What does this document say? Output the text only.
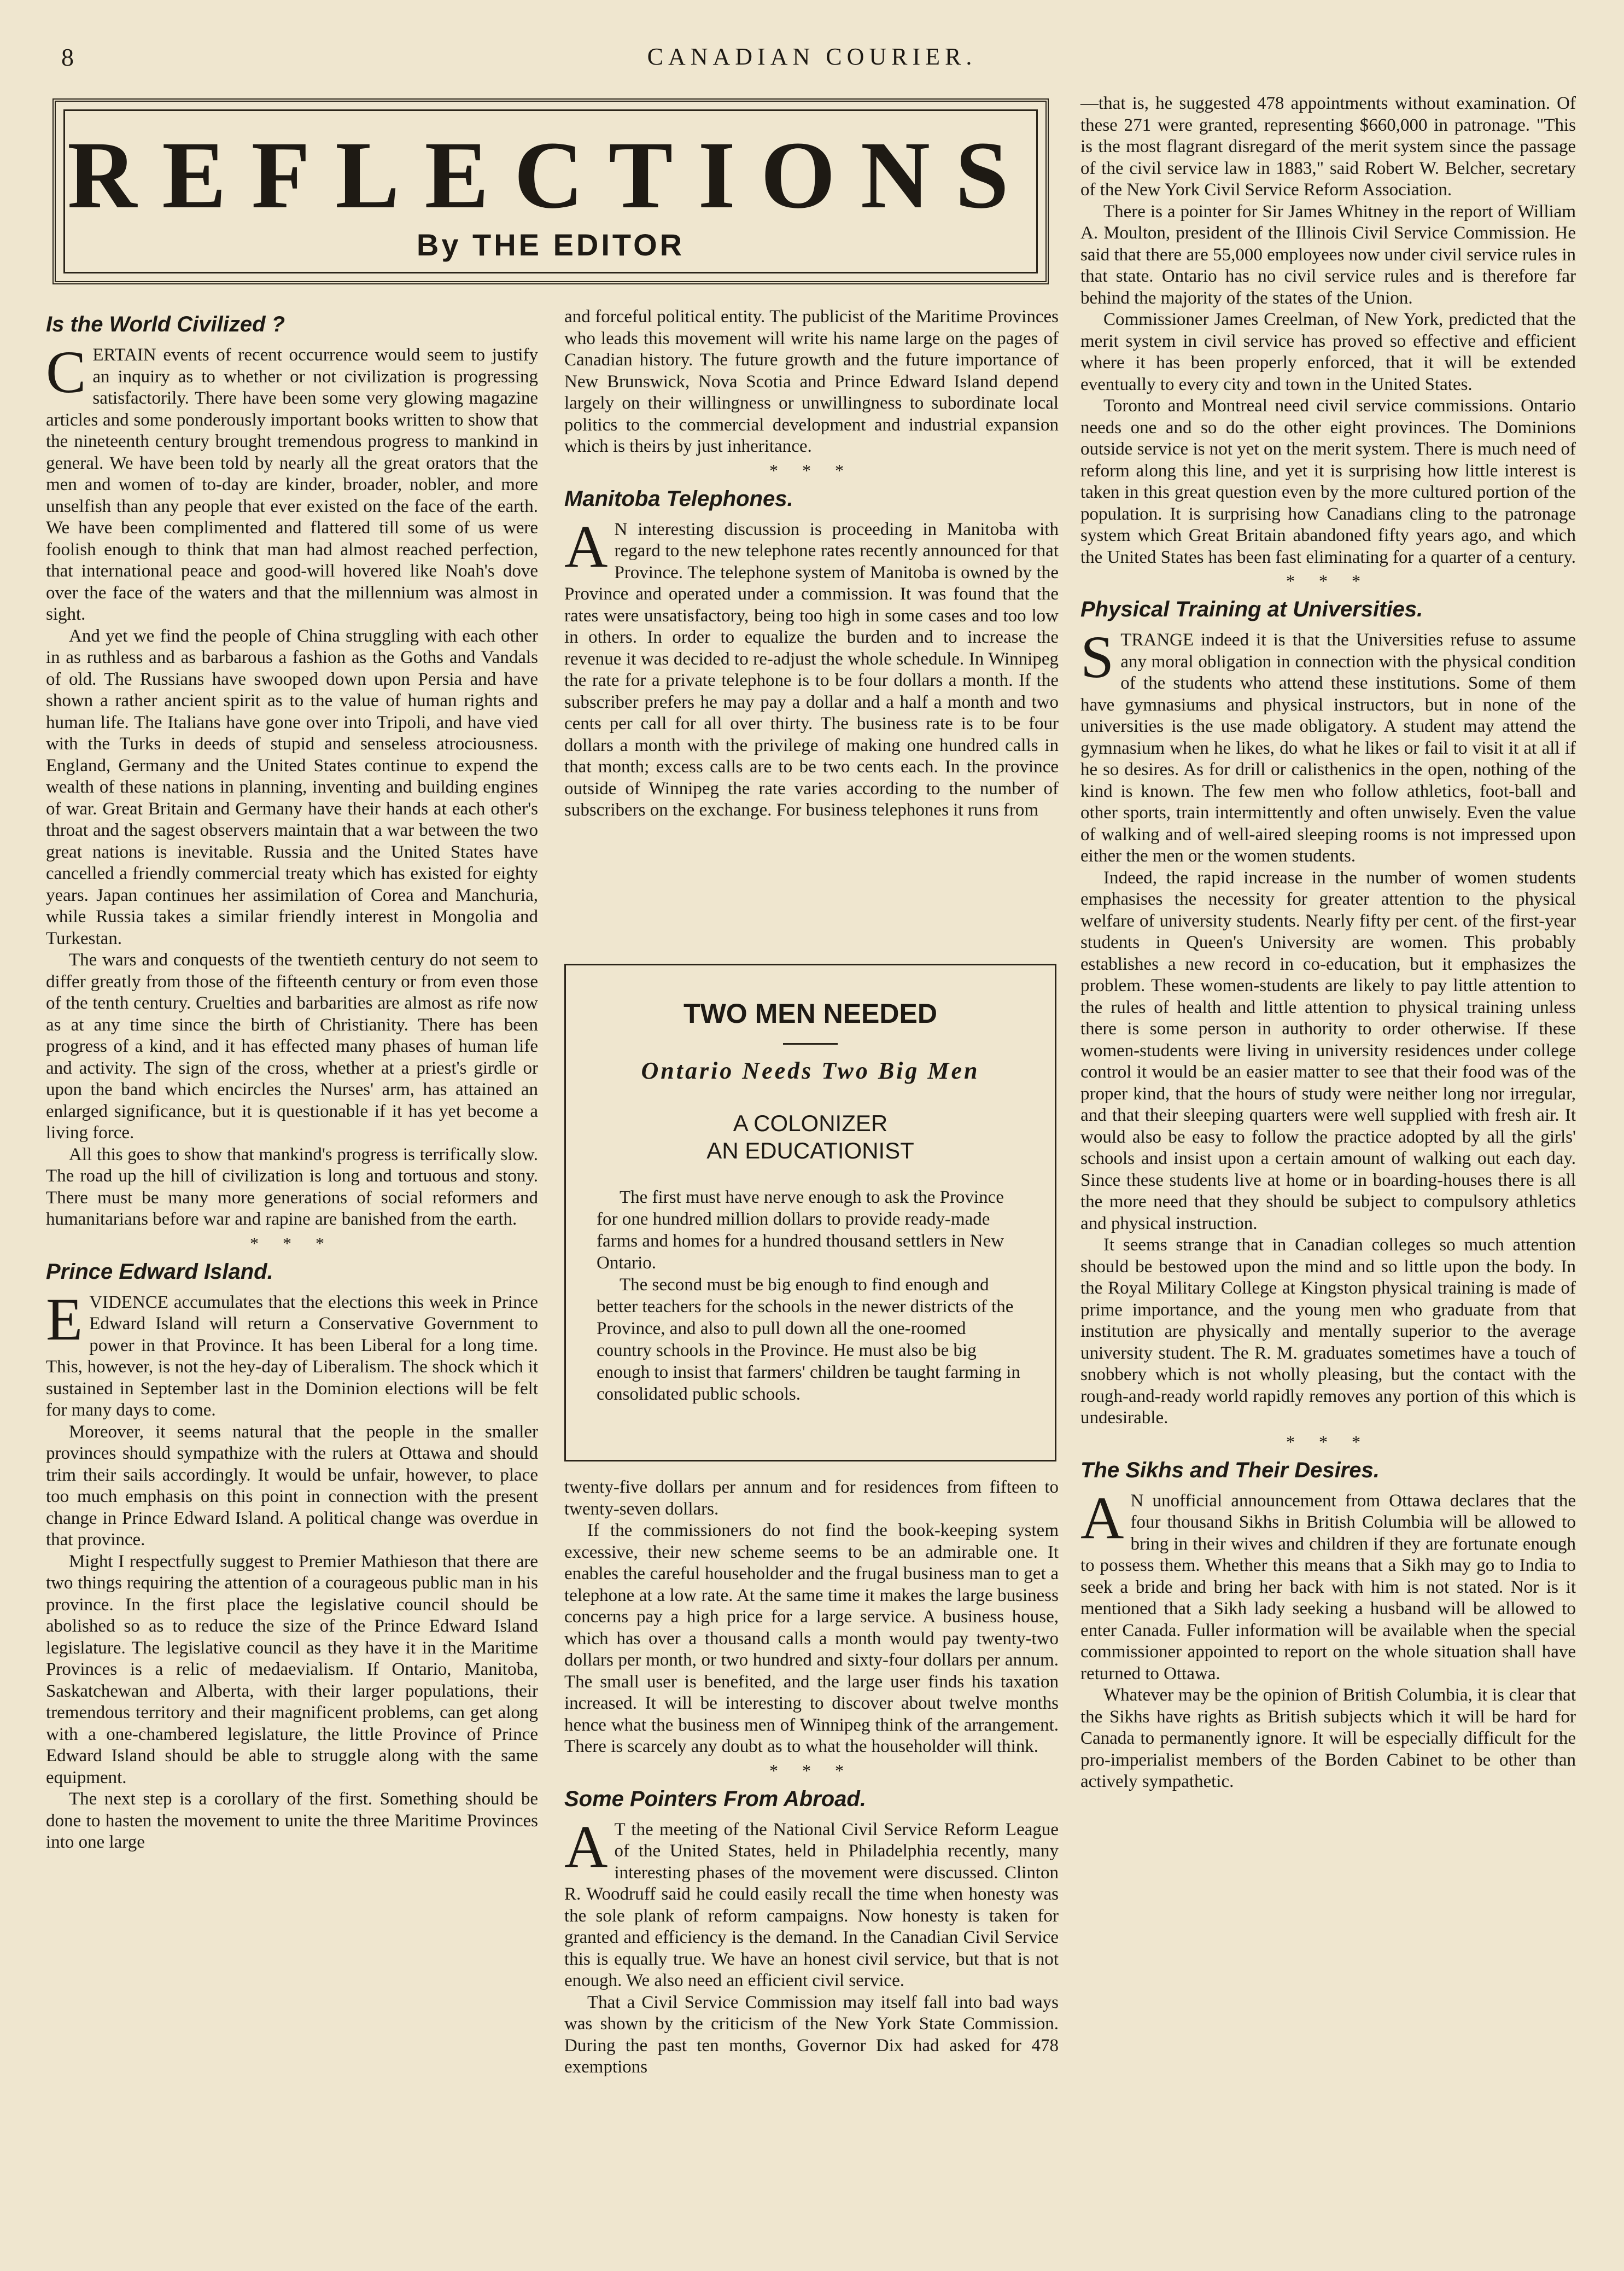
8	CANADIAN COURIER.
REFLECTIONS
By THE EDITOR
Is the World Civilized ?

CERTAIN events of recent occurrence would seem to justify an inquiry as to whether or not civilization is progressing satisfactorily. There have been some very glowing magazine articles and some ponderously important books written to show that the nineteenth century brought tremendous progress to mankind in general. We have been told by nearly all the great orators that the men and women of to-day are kinder, broader, nobler, and more unselfish than any people that ever existed on the face of the earth. We have been complimented and flattered till some of us were foolish enough to think that man had almost reached perfection, that international peace and good-will hovered like Noah's dove over the face of the waters and that the millennium was almost in sight.

And yet we find the people of China struggling with each other in as ruthless and as barbarous a fashion as the Goths and Vandals of old. The Russians have swooped down upon Persia and have shown a rather ancient spirit as to the value of human rights and human life. The Italians have gone over into Tripoli, and have vied with the Turks in deeds of stupid and senseless atrociousness. England, Germany and the United States continue to expend the wealth of these nations in planning, inventing and building engines of war. Great Britain and Germany have their hands at each other's throat and the sagest observers maintain that a war between the two great nations is inevitable. Russia and the United States have cancelled a friendly commercial treaty which has existed for eighty years. Japan continues her assimilation of Corea and Manchuria, while Russia takes a similar friendly interest in Mongolia and Turkestan.

The wars and conquests of the twentieth century do not seem to differ greatly from those of the fifteenth century or from even those of the tenth century. Cruelties and barbarities are almost as rife now as at any time since the birth of Christianity. There has been progress of a kind, and it has effected many phases of human life and activity. The sign of the cross, whether at a priest's girdle or upon the band which encircles the Nurses' arm, has attained an enlarged significance, but it is questionable if it has yet become a living force.

All this goes to show that mankind's progress is terrifically slow. The road up the hill of civilization is long and tortuous and stony. There must be many more generations of social reformers and humanitarians before war and rapine are banished from the earth.

* * *
Prince Edward Island.

EVIDENCE accumulates that the elections this week in Prince Edward Island will return a Conservative Government to power in that Province. It has been Liberal for a long time. This, however, is not the hey-day of Liberalism. The shock which it sustained in September last in the Dominion elections will be felt for many days to come.

Moreover, it seems natural that the people in the smaller provinces should sympathize with the rulers at Ottawa and should trim their sails accordingly. It would be unfair, however, to place too much emphasis on this point in connection with the present change in Prince Edward Island. A political change was overdue in that province.

Might I respectfully suggest to Premier Mathieson that there are two things requiring the attention of a courageous public man in his province. In the first place the legislative council should be abolished so as to reduce the size of the Prince Edward Island legislature. The legislative council as they have it in the Maritime Provinces is a relic of medaevialism. If Ontario, Manitoba, Saskatchewan and Alberta, with their larger populations, their tremendous territory and their magnificent problems, can get along with a one-chambered legislature, the little Province of Prince Edward Island should be able to struggle along with the same equipment.

The next step is a corollary of the first. Something should be done to hasten the movement to unite the three Maritime Provinces into one large

and forceful political entity. The publicist of the Maritime Provinces who leads this movement will write his name large on the pages of Canadian history. The future growth and the future importance of New Brunswick, Nova Scotia and Prince Edward Island depend largely on their willingness or unwillingness to subordinate local politics to the commercial development and industrial expansion which is theirs by just inheritance.

* * *
Manitoba Telephones.

A N interesting discussion is proceeding in Manitoba with regard to the new telephone rates recently announced for that Province. The telephone system of Manitoba is owned by the Province and operated under a commission. It was found that the rates were unsatisfactory, being too high in some cases and too low in others. In order to equalize the burden and to increase the revenue it was decided to re-adjust the whole schedule. In Winnipeg the rate for a private telephone is to be four dollars a month. If the subscriber prefers he may pay a dollar and a half a month and two cents per call for all over thirty. The business rate is to be four dollars a month with the privilege of making one hundred calls in that month; excess calls are to be two cents each. In the province outside of Winnipeg the rate varies according to the number of subscribers on the exchange. For business telephones it runs from

TWO MEN NEEDED
Ontario Needs Two Big Men
A COLONIZER
AN EDUCATIONIST

The first must have nerve enough to ask the Province for one hundred million dollars to provide ready-made farms and homes for a hundred thousand settlers in New Ontario.

The second must be big enough to find enough and better teachers for the schools in the newer districts of the Province, and also to pull down all the one-roomed country schools in the Province. He must also be big enough to insist that farmers' children be taught farming in consolidated public schools.

twenty-five dollars per annum and for residences from fifteen to twenty-seven dollars.

If the commissioners do not find the book-keeping system excessive, their new scheme seems to be an admirable one. It enables the careful householder and the frugal business man to get a telephone at a low rate. At the same time it makes the large business concerns pay a high price for a large service. A business house, which has over a thousand calls a month would pay twenty-two dollars per month, or two hundred and sixty-four dollars per annum. The small user is benefited, and the large user finds his taxation increased. It will be interesting to discover about twelve months hence what the business men of Winnipeg think of the arrangement. There is scarcely any doubt as to what the householder will think.

* * *
Some Pointers From Abroad.

A T the meeting of the National Civil Service Reform League of the United States, held in Philadelphia recently, many interesting phases of the movement were discussed. Clinton R. Woodruff said he could easily recall the time when honesty was the sole plank of reform campaigns. Now honesty is taken for granted and efficiency is the demand. In the Canadian Civil Service this is equally true. We have an honest civil service, but that is not enough. We also need an efficient civil service.

That a Civil Service Commission may itself fall into bad ways was shown by the criticism of the New York State Commission. During the past ten months, Governor Dix had asked for 478 exemptions

—that is, he suggested 478 appointments without examination. Of these 271 were granted, representing $660,000 in patronage. "This is the most flagrant disregard of the merit system since the passage of the civil service law in 1883," said Robert W. Belcher, secretary of the New York Civil Service Reform Association.

There is a pointer for Sir James Whitney in the report of William A. Moulton, president of the Illinois Civil Service Commission. He said that there are 55,000 employees now under civil service rules in that state. Ontario has no civil service rules and is therefore far behind the majority of the states of the Union.

Commissioner James Creelman, of New York, predicted that the merit system in civil service has proved so effective and efficient where it has been properly enforced, that it will be extended eventually to every city and town in the United States.

Toronto and Montreal need civil service commissions. Ontario needs one and so do the other eight provinces. The Dominions outside service is not yet on the merit system. There is much need of reform along this line, and yet it is surprising how little interest is taken in this great question even by the more cultured portion of the population. It is surprising how Canadians cling to the patronage system which Great Britain abandoned fifty years ago, and which the United States has been fast eliminating for a quarter of a century.

* * *
Physical Training at Universities.

STRANGE indeed it is that the Universities refuse to assume any moral obligation in connection with the physical condition of the students who attend these institutions. Some of them have gymnasiums and physical instructors, but in none of the universities is the use made obligatory. A student may attend the gymnasium when he likes, do what he likes or fail to visit it at all if he so desires. As for drill or calisthenics in the open, nothing of the kind is known. The few men who follow athletics, foot-ball and other sports, train intermittently and often unwisely. Even the value of walking and of well-aired sleeping rooms is not impressed upon either the men or the women students.

Indeed, the rapid increase in the number of women students emphasises the necessity for greater attention to the physical welfare of university students. Nearly fifty per cent. of the first-year students in Queen's University are women. This probably establishes a new record in co-education, but it emphasizes the problem. These women-students are likely to pay little attention to the rules of health and little attention to physical training unless there is some person in authority to order otherwise. If these women-students were living in university residences under college control it would be an easier matter to see that their food was of the proper kind, that the hours of study were neither long nor irregular, and that their sleeping quarters were well supplied with fresh air. It would also be easy to follow the practice adopted by all the girls' schools and insist upon a certain amount of walking out each day. Since these students live at home or in boarding-houses there is all the more need that they should be subject to compulsory athletics and physical instruction.

It seems strange that in Canadian colleges so much attention should be bestowed upon the mind and so little upon the body. In the Royal Military College at Kingston physical training is made of prime importance, and the young men who graduate from that institution are physically and mentally superior to the average university student. The R. M. graduates sometimes have a touch of snobbery which is not wholly pleasing, but the contact with the rough-and-ready world rapidly removes any portion of this which is undesirable.

* * *
The Sikhs and Their Desires.

A N unofficial announcement from Ottawa declares that the four thousand Sikhs in British Columbia will be allowed to bring in their wives and children if they are fortunate enough to possess them. Whether this means that a Sikh may go to India to seek a bride and bring her back with him is not stated. Nor is it mentioned that a Sikh lady seeking a husband will be allowed to enter Canada. Fuller information will be available when the special commissioner appointed to report on the whole situation shall have returned to Ottawa.

Whatever may be the opinion of British Columbia, it is clear that the Sikhs have rights as British subjects which it will be hard for Canada to permanently ignore. It will be especially difficult for the pro-imperialist members of the Borden Cabinet to be other than actively sympathetic.
